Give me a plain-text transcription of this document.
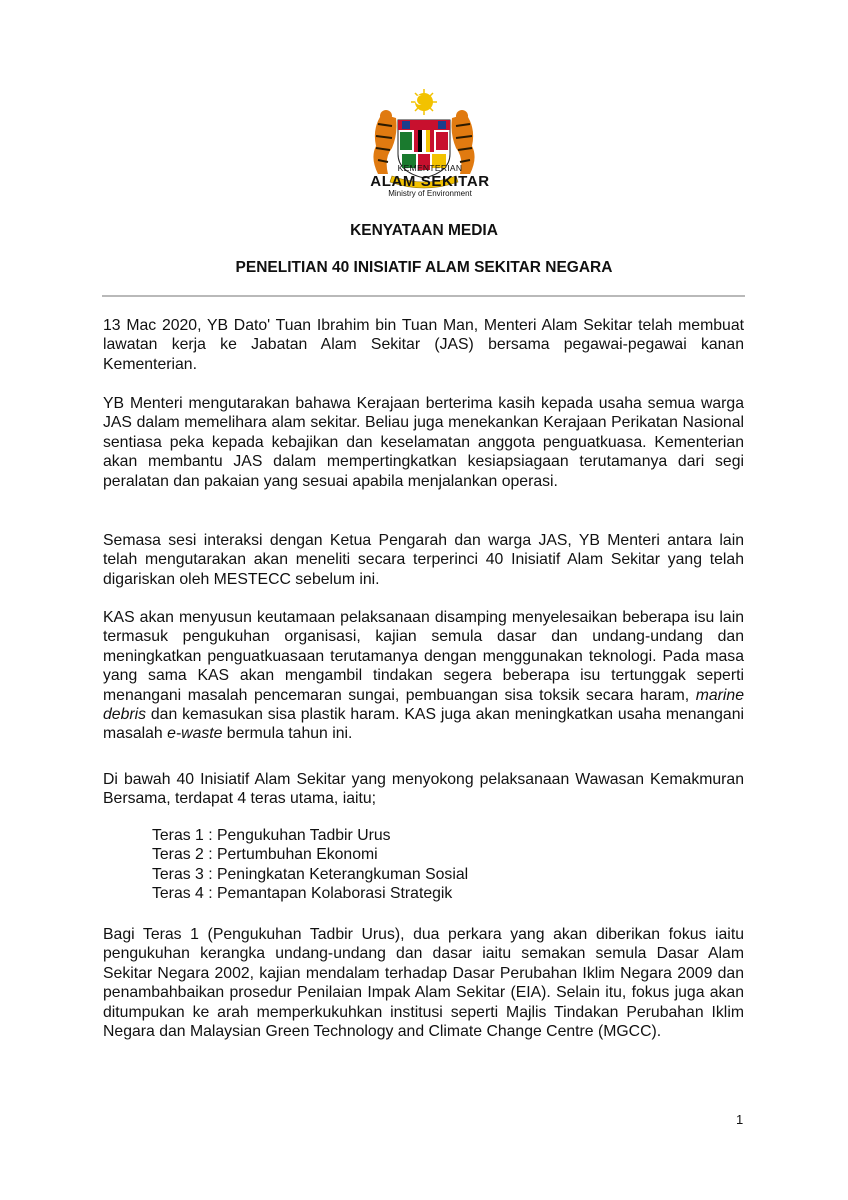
KEMENTERIAN
ALAM SEKITAR
Ministry of Environment
KENYATAAN MEDIA
PENELITIAN 40 INISIATIF ALAM SEKITAR NEGARA

13 Mac 2020, YB Dato' Tuan Ibrahim bin Tuan Man, Menteri Alam Sekitar telah membuat lawatan kerja ke Jabatan Alam Sekitar (JAS) bersama pegawai-pegawai kanan Kementerian.

YB Menteri mengutarakan bahawa Kerajaan berterima kasih kepada usaha semua warga JAS dalam memelihara alam sekitar. Beliau juga menekankan Kerajaan Perikatan Nasional sentiasa peka kepada kebajikan dan keselamatan anggota penguatkuasa. Kementerian akan membantu JAS dalam mempertingkatkan kesiapsiagaan terutamanya dari segi peralatan dan pakaian yang sesuai apabila menjalankan operasi.

Semasa sesi interaksi dengan Ketua Pengarah dan warga JAS, YB Menteri antara lain telah mengutarakan akan meneliti secara terperinci 40 Inisiatif Alam Sekitar yang telah digariskan oleh MESTECC sebelum ini.

KAS akan menyusun keutamaan pelaksanaan disamping menyelesaikan beberapa isu lain termasuk pengukuhan organisasi, kajian semula dasar dan undang-undang dan meningkatkan penguatkuasaan terutamanya dengan menggunakan teknologi. Pada masa yang sama KAS akan mengambil tindakan segera beberapa isu tertunggak seperti menangani masalah pencemaran sungai, pembuangan sisa toksik secara haram, marine debris dan kemasukan sisa plastik haram. KAS juga akan meningkatkan usaha menangani masalah e-waste bermula tahun ini.

Di bawah 40 Inisiatif Alam Sekitar yang menyokong pelaksanaan Wawasan Kemakmuran Bersama, terdapat 4 teras utama, iaitu;

Teras 1 : Pengukuhan Tadbir Urus
Teras 2 : Pertumbuhan Ekonomi
Teras 3 : Peningkatan Keterangkuman Sosial
Teras 4 : Pemantapan Kolaborasi Strategik

Bagi Teras 1 (Pengukuhan Tadbir Urus), dua perkara yang akan diberikan fokus iaitu pengukuhan kerangka undang-undang dan dasar iaitu semakan semula Dasar Alam Sekitar Negara 2002, kajian mendalam terhadap Dasar Perubahan Iklim Negara 2009 dan penambahbaikan prosedur Penilaian Impak Alam Sekitar (EIA). Selain itu, fokus juga akan ditumpukan ke arah memperkukuhkan institusi seperti Majlis Tindakan Perubahan Iklim Negara dan Malaysian Green Technology and Climate Change Centre (MGCC).

1
